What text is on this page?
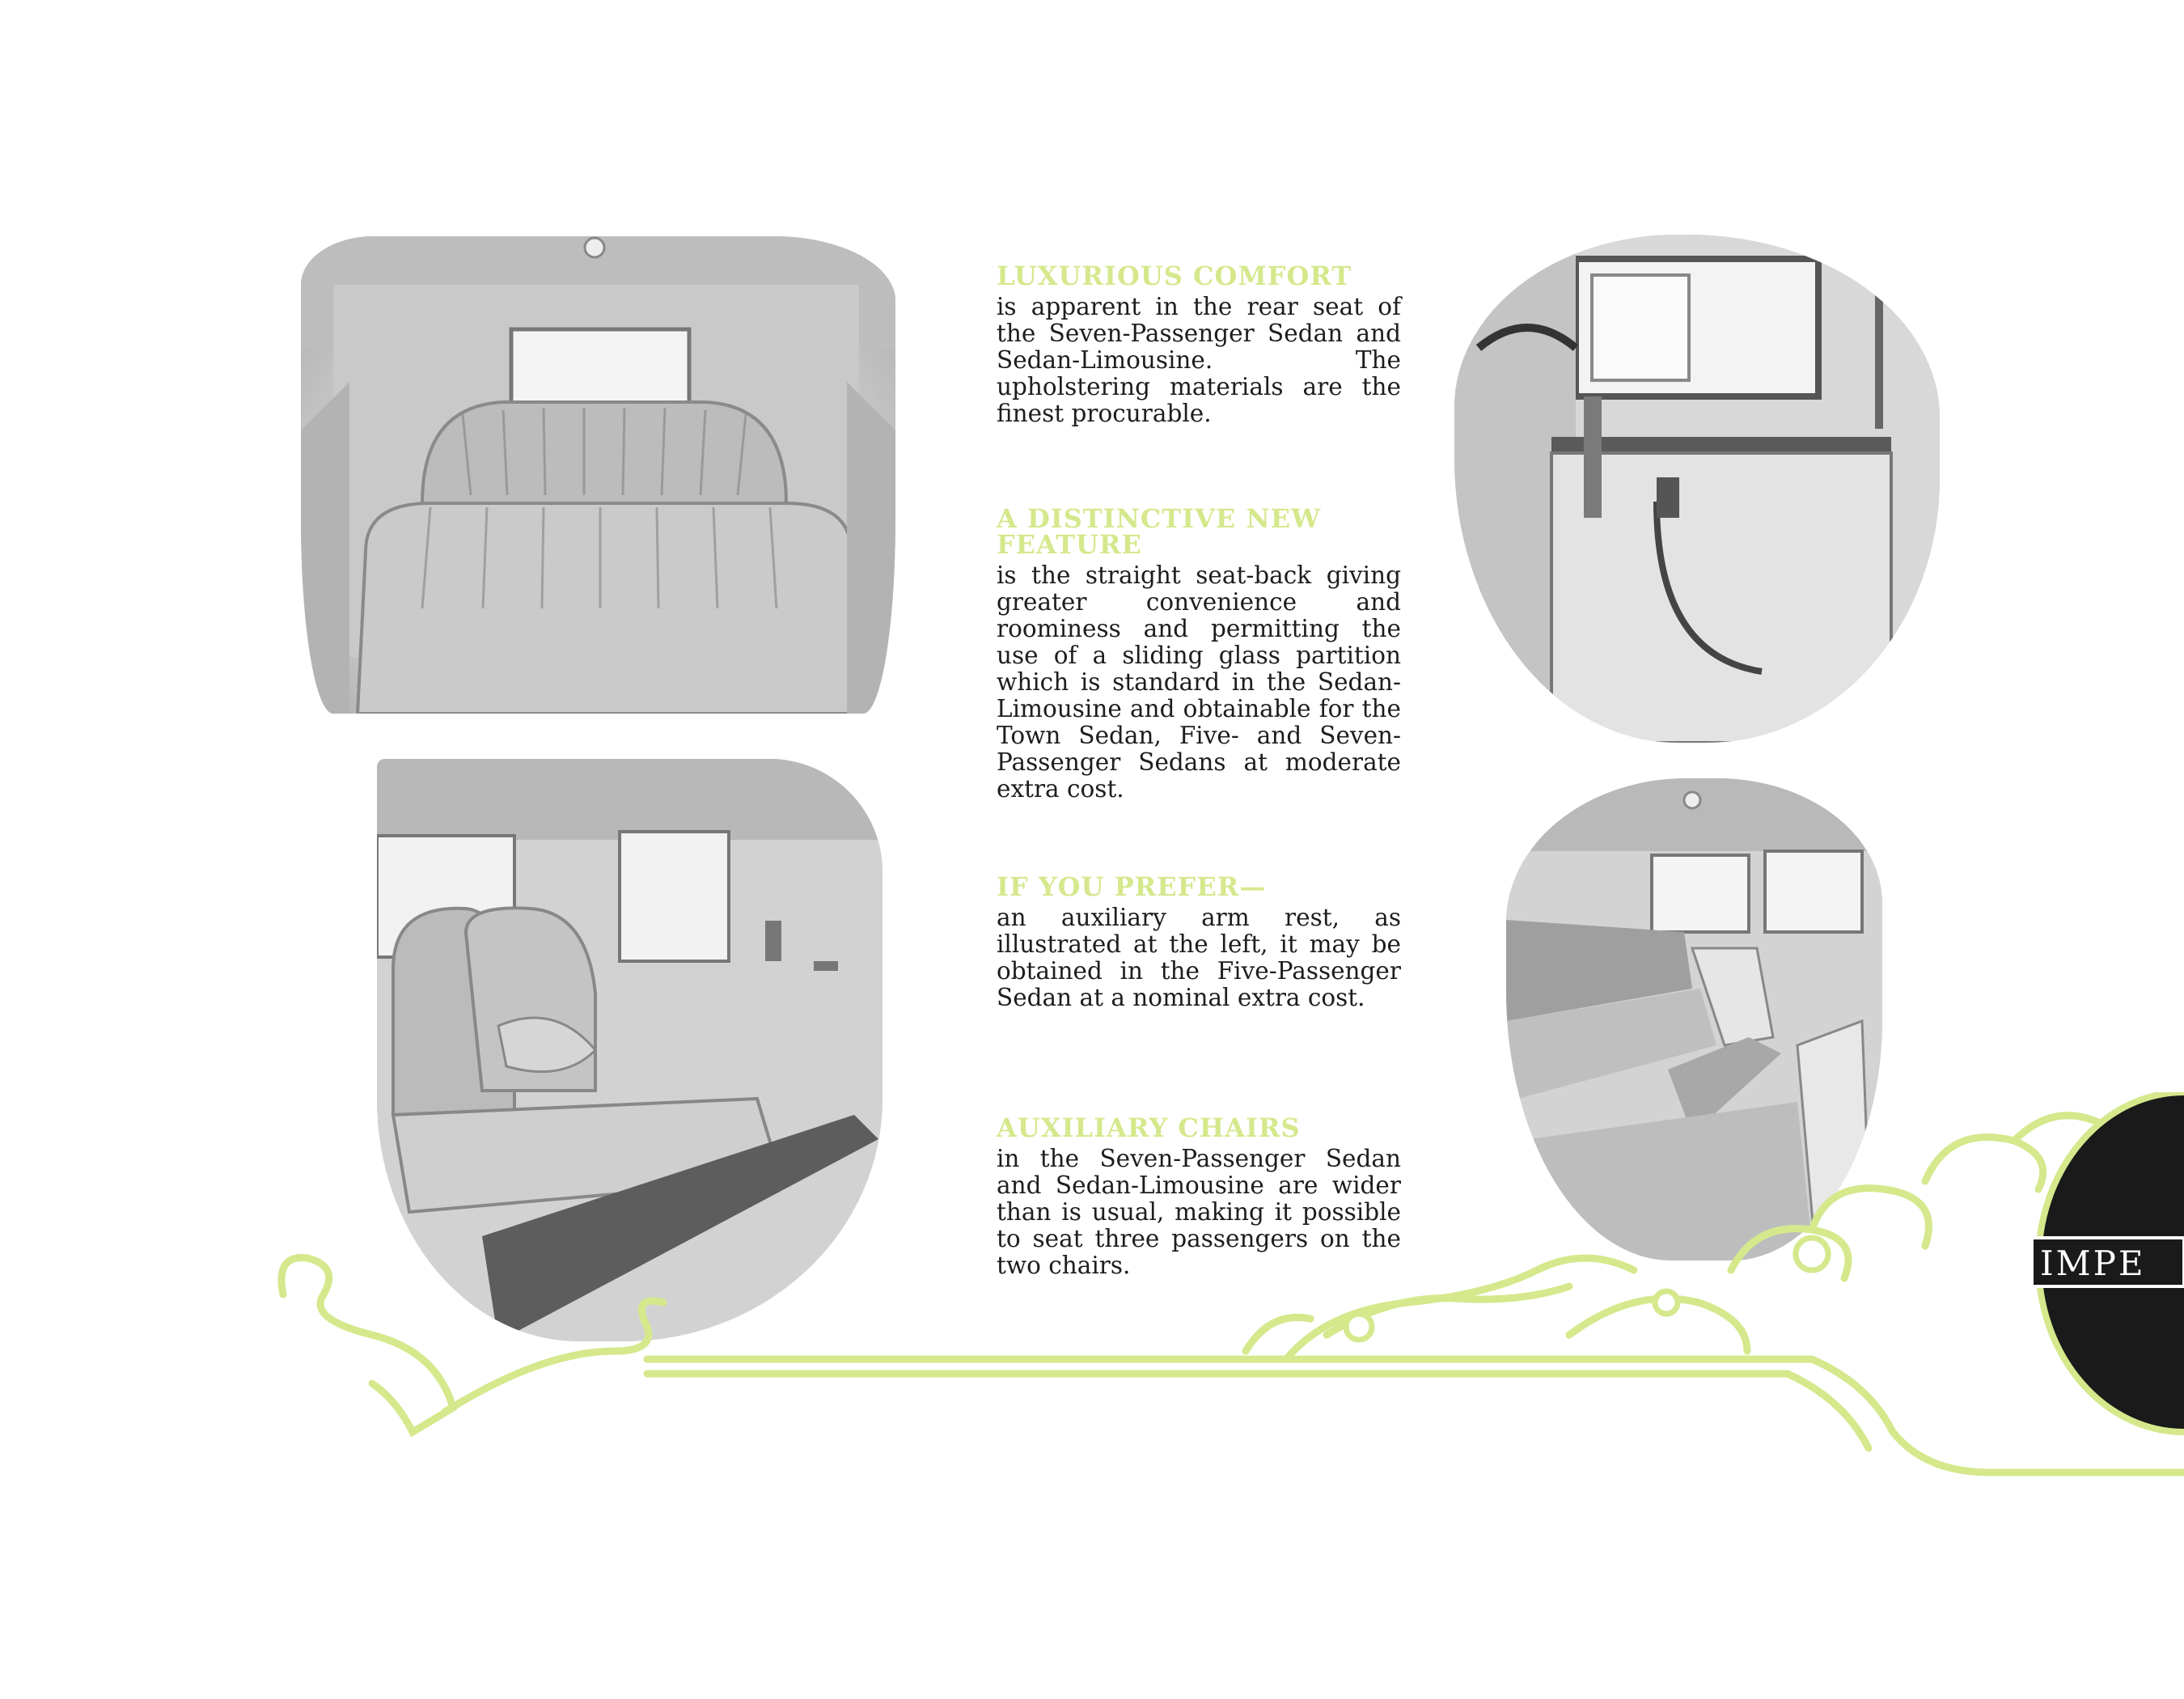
LUXURIOUS COMFORT

is apparent in the rear seat of the Seven-Passenger Sedan and Sedan-Limousine. The upholstering materials are the finest procurable.

A DISTINCTIVE NEW FEATURE

is the straight seat-back giving greater convenience and roominess and permitting the use of a sliding glass partition which is standard in the Sedan-Limousine and obtainable for the Town Sedan, Five- and Seven-Passenger Sedans at moderate extra cost.

IF YOU PREFER—

an auxiliary arm rest, as illustrated at the left, it may be obtained in the Five-Passenger Sedan at a nominal extra cost.

AUXILIARY CHAIRS

in the Seven-Passenger Sedan and Sedan-Limousine are wider than is usual, making it possible to seat three passengers on the two chairs.	IMPE
